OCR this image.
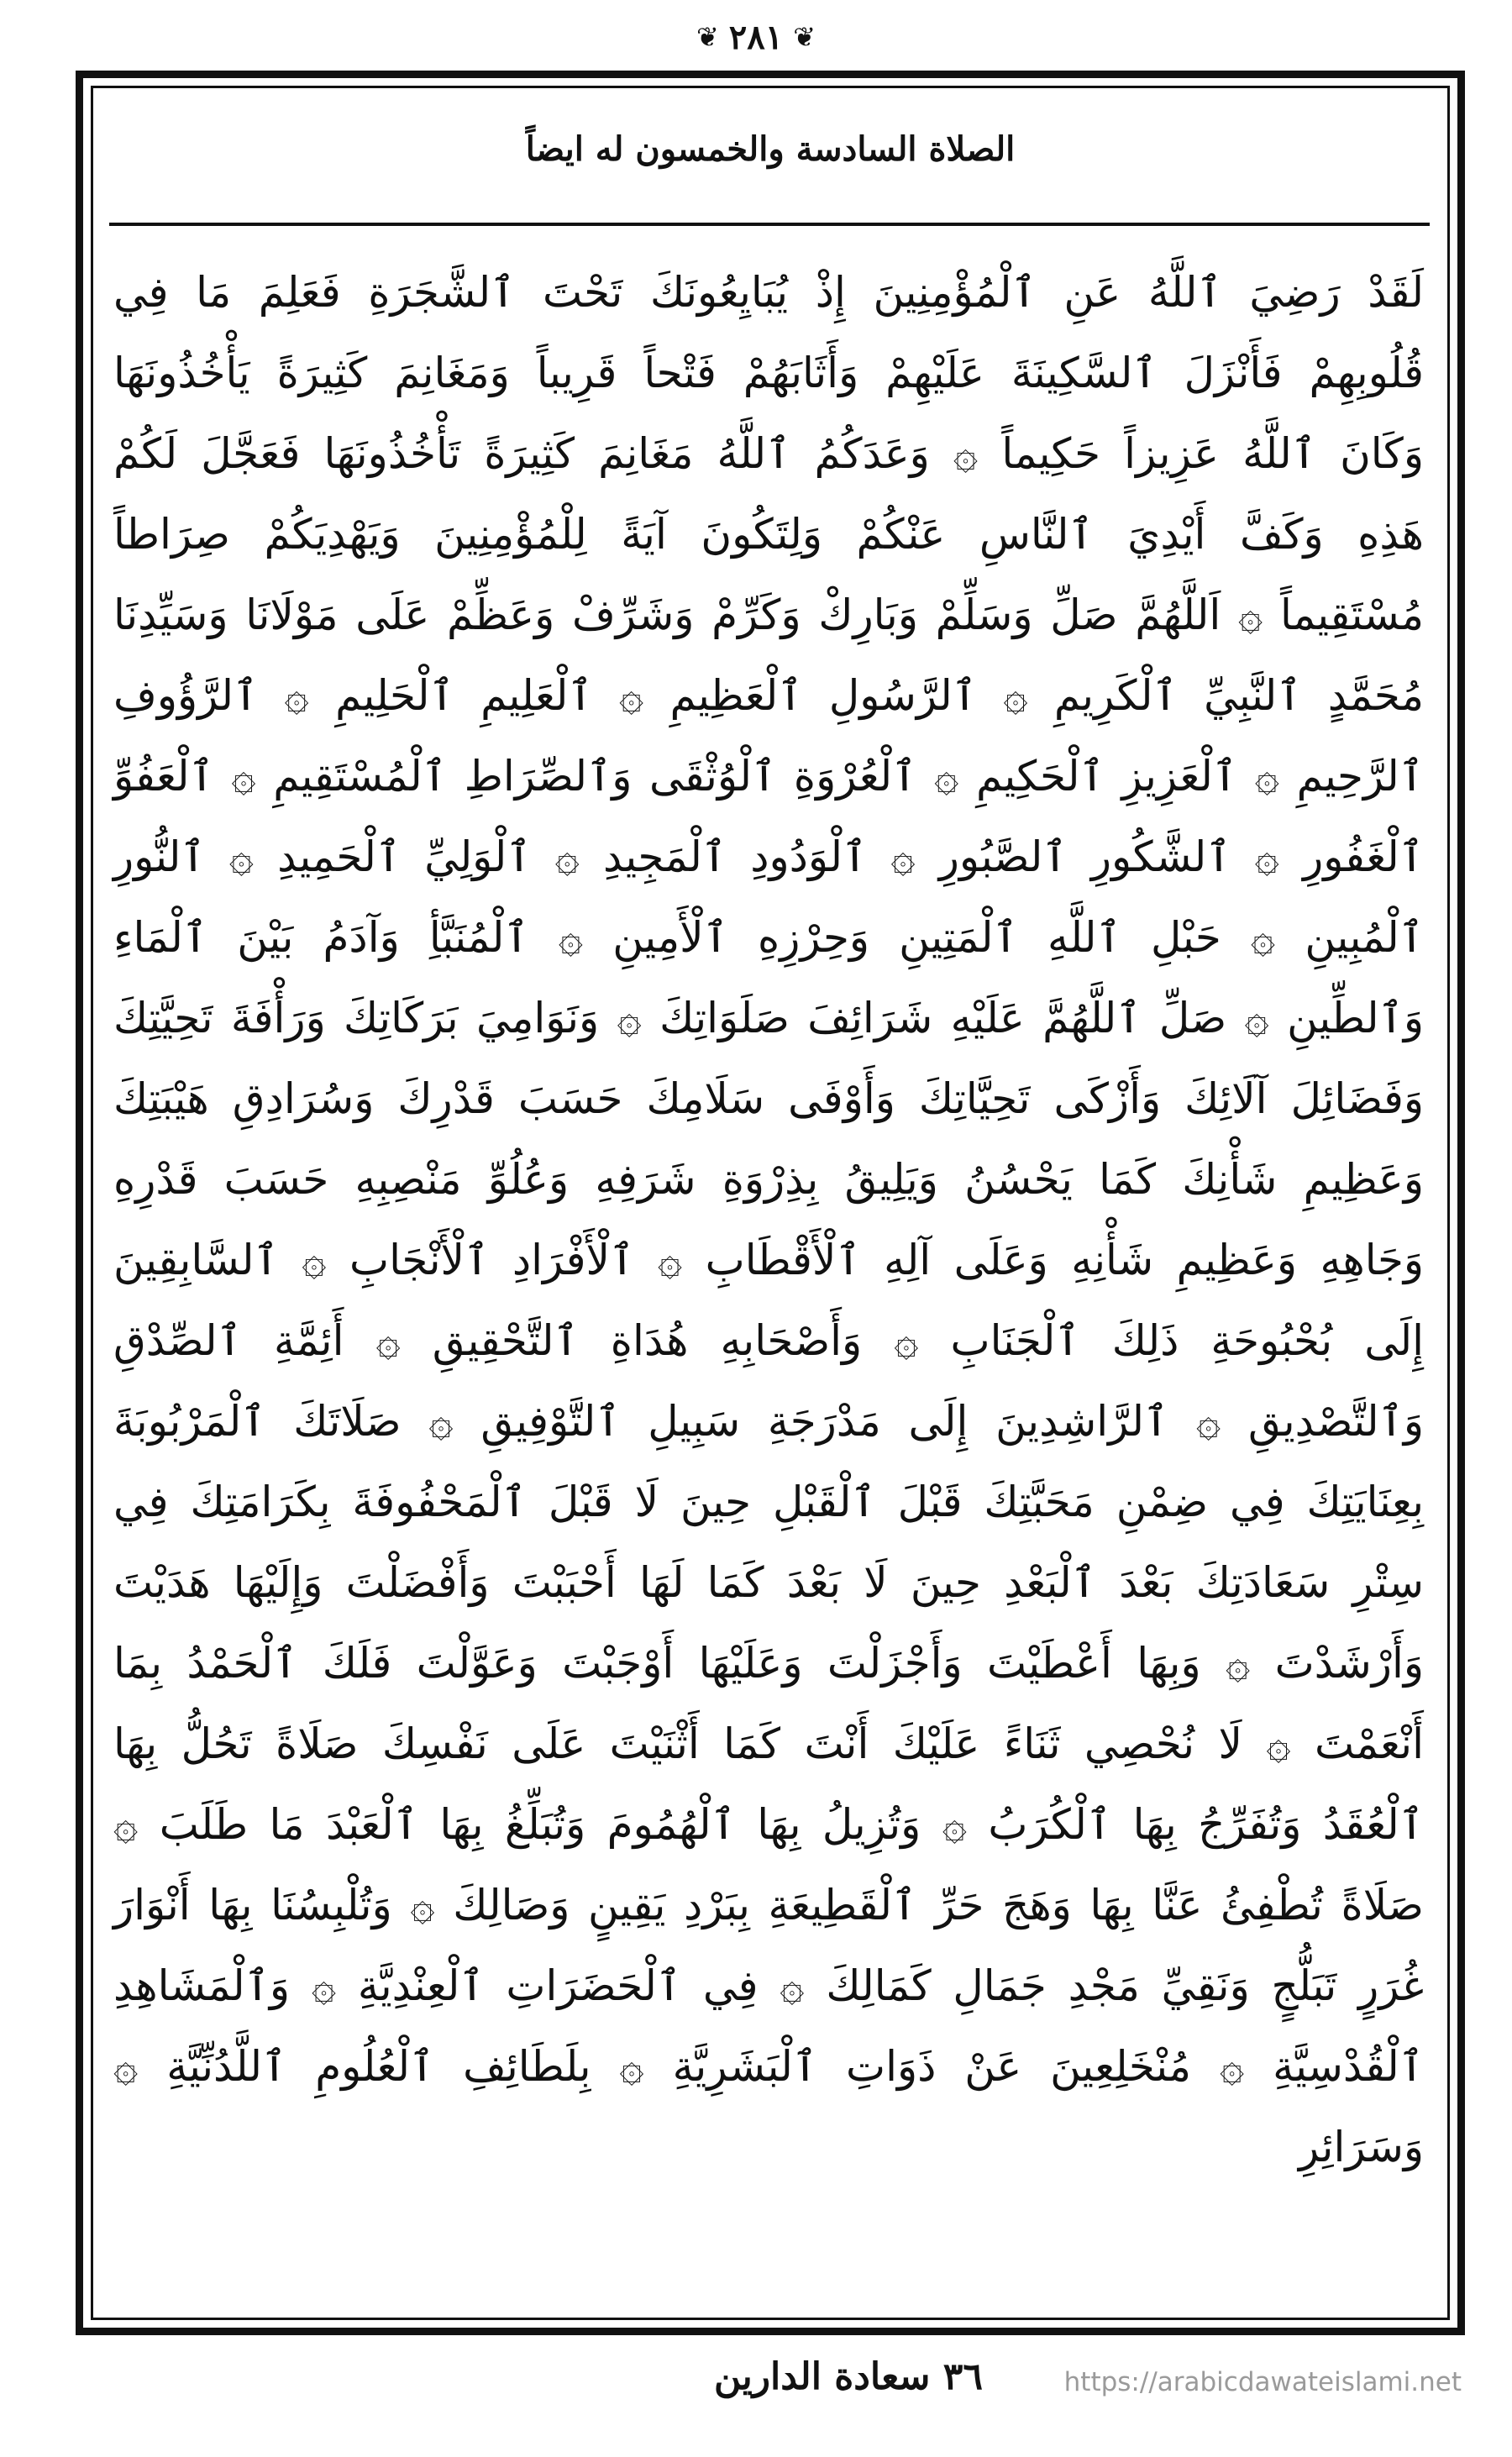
❦ ٢٨١ ❦
الصلاة السادسة والخمسون له ايضاً

لَقَدْ رَضِيَ ٱللَّهُ عَنِ ٱلْمُؤْمِنِينَ إِذْ يُبَايِعُونَكَ تَحْتَ ٱلشَّجَرَةِ فَعَلِمَ مَا فِي قُلُوبِهِمْ فَأَنْزَلَ ٱلسَّكِينَةَ عَلَيْهِمْ وَأَثَابَهُمْ فَتْحاً قَرِيباً وَمَغَانِمَ كَثِيرَةً يَأْخُذُونَهَا وَكَانَ ٱللَّهُ عَزِيزاً حَكِيماً ۞ وَعَدَكُمُ ٱللَّهُ مَغَانِمَ كَثِيرَةً تَأْخُذُونَهَا فَعَجَّلَ لَكُمْ هَذِهِ وَكَفَّ أَيْدِيَ ٱلنَّاسِ عَنْكُمْ وَلِتَكُونَ آيَةً لِلْمُؤْمِنِينَ وَيَهْدِيَكُمْ صِرَاطاً مُسْتَقِيماً ۞ اَللَّهُمَّ صَلِّ وَسَلِّمْ وَبَارِكْ وَكَرِّمْ وَشَرِّفْ وَعَظِّمْ عَلَى مَوْلَانَا وَسَيِّدِنَا مُحَمَّدٍ ٱلنَّبِيِّ ٱلْكَرِيمِ ۞ ٱلرَّسُولِ ٱلْعَظِيمِ ۞ ٱلْعَلِيمِ ٱلْحَلِيمِ ۞ ٱلرَّؤُوفِ ٱلرَّحِيمِ ۞ ٱلْعَزِيزِ ٱلْحَكِيمِ ۞ ٱلْعُرْوَةِ ٱلْوُثْقَى وَٱلصِّرَاطِ ٱلْمُسْتَقِيمِ ۞ ٱلْعَفُوِّ ٱلْغَفُورِ ۞ ٱلشَّكُورِ ٱلصَّبُورِ ۞ ٱلْوَدُودِ ٱلْمَجِيدِ ۞ ٱلْوَلِيِّ ٱلْحَمِيدِ ۞ ٱلنُّورِ ٱلْمُبِينِ ۞ حَبْلِ ٱللَّهِ ٱلْمَتِينِ وَحِرْزِهِ ٱلْأَمِينِ ۞ ٱلْمُنَبَّأِ وَآدَمُ بَيْنَ ٱلْمَاءِ وَٱلطِّينِ ۞ صَلِّ ٱللَّهُمَّ عَلَيْهِ شَرَائِفَ صَلَوَاتِكَ ۞ وَنَوَامِيَ بَرَكَاتِكَ وَرَأْفَةَ تَحِيَّتِكَ وَفَضَائِلَ آلَائِكَ وَأَزْكَى تَحِيَّاتِكَ وَأَوْفَى سَلَامِكَ حَسَبَ قَدْرِكَ وَسُرَادِقِ هَيْبَتِكَ وَعَظِيمِ شَأْنِكَ كَمَا يَحْسُنُ وَيَلِيقُ بِذِرْوَةِ شَرَفِهِ وَعُلُوِّ مَنْصِبِهِ حَسَبَ قَدْرِهِ وَجَاهِهِ وَعَظِيمِ شَأْنِهِ وَعَلَى آلِهِ ٱلْأَقْطَابِ ۞ ٱلْأَفْرَادِ ٱلْأَنْجَابِ ۞ ٱلسَّابِقِينَ إِلَى بُحْبُوحَةِ ذَلِكَ ٱلْجَنَابِ ۞ وَأَصْحَابِهِ هُدَاةِ ٱلتَّحْقِيقِ ۞ أَئِمَّةِ ٱلصِّدْقِ وَٱلتَّصْدِيقِ ۞ ٱلرَّاشِدِينَ إِلَى مَدْرَجَةِ سَبِيلِ ٱلتَّوْفِيقِ ۞ صَلَاتَكَ ٱلْمَرْبُوبَةَ بِعِنَايَتِكَ فِي ضِمْنِ مَحَبَّتِكَ قَبْلَ ٱلْقَبْلِ حِينَ لَا قَبْلَ ٱلْمَحْفُوفَةَ بِكَرَامَتِكَ فِي سِتْرِ سَعَادَتِكَ بَعْدَ ٱلْبَعْدِ حِينَ لَا بَعْدَ كَمَا لَهَا أَحْبَبْتَ وَأَفْضَلْتَ وَإِلَيْهَا هَدَيْتَ وَأَرْشَدْتَ ۞ وَبِهَا أَعْطَيْتَ وَأَجْزَلْتَ وَعَلَيْهَا أَوْجَبْتَ وَعَوَّلْتَ فَلَكَ ٱلْحَمْدُ بِمَا أَنْعَمْتَ ۞ لَا نُحْصِي ثَنَاءً عَلَيْكَ أَنْتَ كَمَا أَثْنَيْتَ عَلَى نَفْسِكَ صَلَاةً تَحُلُّ بِهَا ٱلْعُقَدُ وَتُفَرِّجُ بِهَا ٱلْكُرَبُ ۞ وَتُزِيلُ بِهَا ٱلْهُمُومَ وَتُبَلِّغُ بِهَا ٱلْعَبْدَ مَا طَلَبَ ۞ صَلَاةً تُطْفِئُ عَنَّا بِهَا وَهَجَ حَرِّ ٱلْقَطِيعَةِ بِبَرْدِ يَقِينٍ وَصَالِكَ ۞ وَتُلْبِسُنَا بِهَا أَنْوَارَ غُرَرٍ تَبَلُّجٍ وَنَقِيِّ مَجْدِ جَمَالِ كَمَالِكَ ۞ فِي ٱلْحَضَرَاتِ ٱلْعِنْدِيَّةِ ۞ وَٱلْمَشَاهِدِ ٱلْقُدْسِيَّةِ ۞ مُنْخَلِعِينَ عَنْ ذَوَاتِ ٱلْبَشَرِيَّةِ ۞ بِلَطَائِفِ ٱلْعُلُومِ ٱللَّدُنِّيَّةِ ۞ وَسَرَائِرِ

٣٦ سعادة الدارين	https://arabicdawateislami.net
